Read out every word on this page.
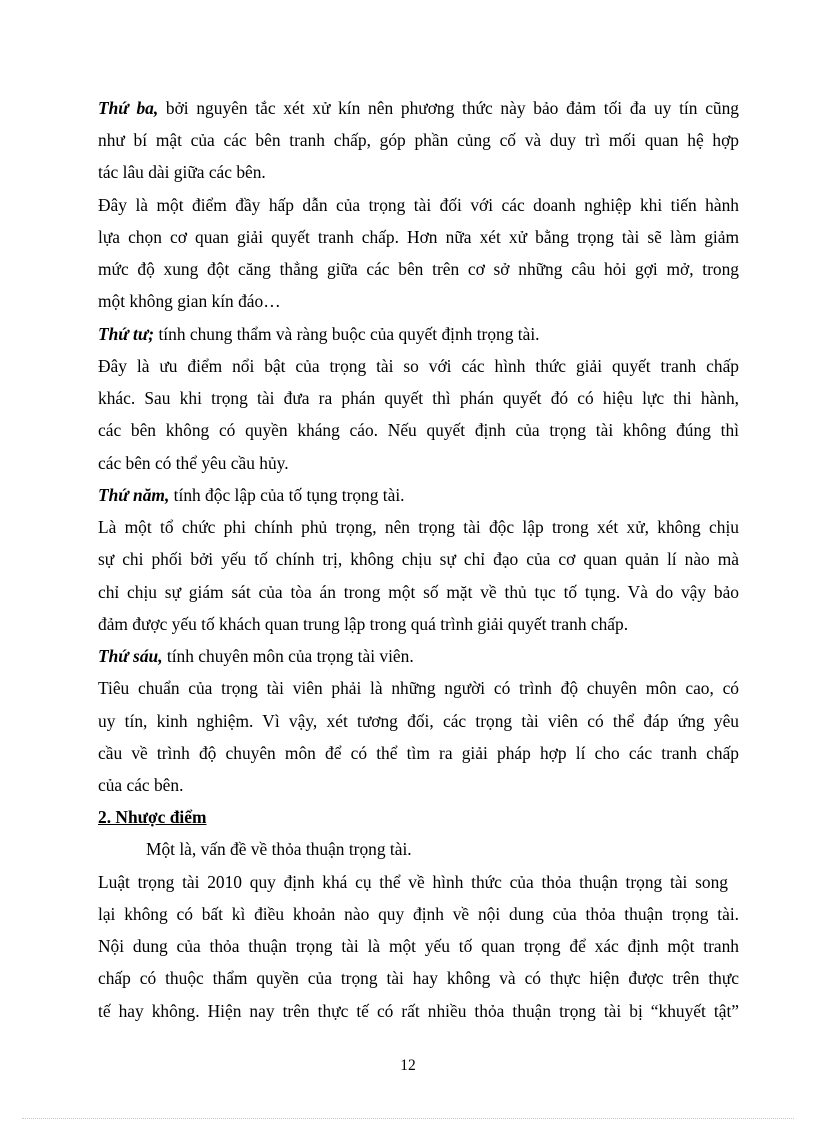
Thứ ba, bởi nguyên tắc xét xử kín nên phương thức này bảo đảm tối đa uy tín cũng
như bí mật của các bên tranh chấp, góp phần củng cố và duy trì mối quan hệ hợp
tác lâu dài giữa các bên.
Đây là một điểm đầy hấp dẫn của trọng tài đối với các doanh nghiệp khi tiến hành
lựa chọn cơ quan giải quyết tranh chấp. Hơn nữa xét xử bằng trọng tài sẽ làm giảm
mức độ xung đột căng thẳng giữa các bên trên cơ sở những câu hỏi gợi mở, trong
một không gian kín đáo…
Thứ tư; tính chung thẩm và ràng buộc của quyết định trọng tài.
Đây là ưu điểm nổi bật của trọng tài so với các hình thức giải quyết tranh chấp
khác. Sau khi trọng tài đưa ra phán quyết thì phán quyết đó có hiệu lực thi hành,
các bên không có quyền kháng cáo. Nếu quyết định của trọng tài không đúng thì
các bên có thể yêu cầu hủy.
Thứ năm, tính độc lập của tố tụng trọng tài.
Là một tổ chức phi chính phủ trọng, nên trọng tài độc lập trong xét xử, không chịu
sự chi phối bởi yếu tố chính trị, không chịu sự chỉ đạo của cơ quan quản lí nào mà
chỉ chịu sự giám sát của tòa án trong một số mặt về thủ tục tố tụng. Và do vậy bảo
đảm được yếu tố khách quan trung lập trong quá trình giải quyết tranh chấp.
Thứ sáu, tính chuyên môn của trọng tài viên.
Tiêu chuẩn của trọng tài viên phải là những người có trình độ chuyên môn cao, có
uy tín, kinh nghiệm. Vì vậy, xét tương đối, các trọng tài viên có thể đáp ứng yêu
cầu về trình độ chuyên môn để có thể tìm ra giải pháp hợp lí cho các tranh chấp
của các bên.
2. Nhược điểm
Một là, vấn đề về thỏa thuận trọng tài.
Luật trọng tài 2010 quy định khá cụ thể về hình thức của thỏa thuận trọng tài song
lại không có bất kì điều khoản nào quy định về nội dung của thỏa thuận trọng tài.
Nội dung của thỏa thuận trọng tài là một yếu tố quan trọng để xác định một tranh
chấp có thuộc thẩm quyền của trọng tài hay không và có thực hiện được trên thực
tế hay không. Hiện nay trên thực tế có rất nhiều thỏa thuận trọng tài bị “khuyết tật”
12
